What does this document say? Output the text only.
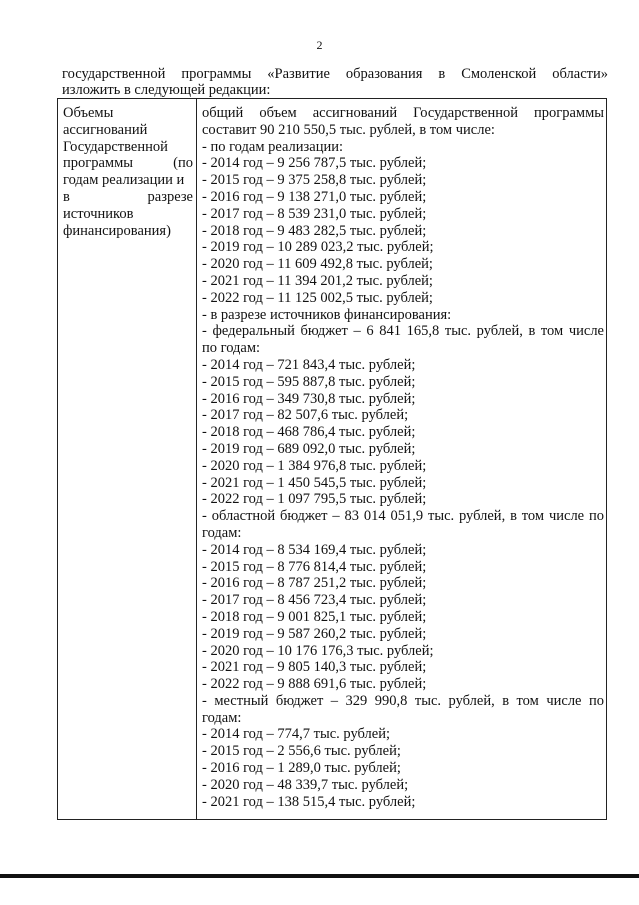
2
государственной программы «Развитие образования в Смоленской области»
изложить в следующей редакции:
Объемы
ассигнований
Государственной
программы (по
годам реализации и
в разрезе
источников
финансирования)
общий объем ассигнований Государственной программы
составит 90 210 550,5 тыс. рублей, в том числе:
- по годам реализации:
- 2014 год – 9 256 787,5 тыс. рублей;
- 2015 год – 9 375 258,8 тыс. рублей;
- 2016 год – 9 138 271,0 тыс. рублей;
- 2017 год – 8 539 231,0 тыс. рублей;
- 2018 год – 9 483 282,5 тыс. рублей;
- 2019 год – 10 289 023,2 тыс. рублей;
- 2020 год – 11 609 492,8 тыс. рублей;
- 2021 год – 11 394 201,2 тыс. рублей;
- 2022 год – 11 125 002,5 тыс. рублей;
- в разрезе источников финансирования:
- федеральный бюджет – 6 841 165,8 тыс. рублей, в том числе
по годам:
- 2014 год – 721 843,4 тыс. рублей;
- 2015 год – 595 887,8 тыс. рублей;
- 2016 год – 349 730,8 тыс. рублей;
- 2017 год – 82 507,6 тыс. рублей;
- 2018 год – 468 786,4 тыс. рублей;
- 2019 год – 689 092,0 тыс. рублей;
- 2020 год – 1 384 976,8 тыс. рублей;
- 2021 год – 1 450 545,5 тыс. рублей;
- 2022 год – 1 097 795,5 тыс. рублей;
- областной бюджет – 83 014 051,9 тыс. рублей, в том числе по
годам:
- 2014 год – 8 534 169,4 тыс. рублей;
- 2015 год – 8 776 814,4 тыс. рублей;
- 2016 год – 8 787 251,2 тыс. рублей;
- 2017 год – 8 456 723,4 тыс. рублей;
- 2018 год – 9 001 825,1 тыс. рублей;
- 2019 год – 9 587 260,2 тыс. рублей;
- 2020 год – 10 176 176,3 тыс. рублей;
- 2021 год – 9 805 140,3 тыс. рублей;
- 2022 год – 9 888 691,6 тыс. рублей;
- местный бюджет – 329 990,8 тыс. рублей, в том числе по
годам:
- 2014 год – 774,7 тыс. рублей;
- 2015 год – 2 556,6 тыс. рублей;
- 2016 год – 1 289,0 тыс. рублей;
- 2020 год – 48 339,7 тыс. рублей;
- 2021 год – 138 515,4 тыс. рублей;
